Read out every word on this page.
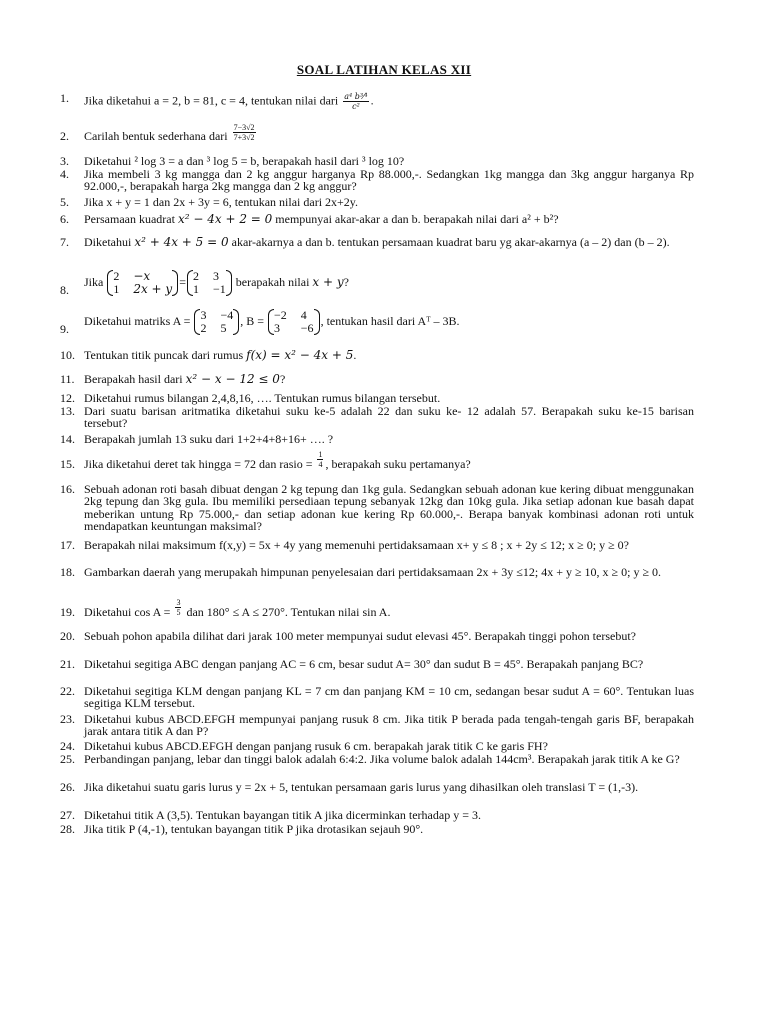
SOAL LATIHAN KELAS XII
1.	Jika diketahui a = 2, b = 81, c = 4, tentukan nilai dari $\frac{\text{a⁴ b³⁄⁴}}{\text{c²}}$ .
2.	Carilah bentuk sederhana dari $\frac{7-3√2}{7+3√2}$
3.	Diketahui ² log 3 = a dan ³ log 5 = b, berapakah hasil dari ³ log 10?
4.	Jika membeli 3 kg mangga dan 2 kg anggur harganya Rp 88.000,-. Sedangkan 1kg mangga dan 3kg anggur harganya Rp 92.000,-, berapakah harga 2kg mangga dan 2 kg anggur?
5.	Jika x + y = 1 dan 2x + 3y = 6, tentukan nilai dari 2x+2y.
6.	Persamaan kuadrat x² − 4x + 2 = 0 mempunyai akar-akar a dan b. berapakah nilai dari a² + b²?
7.	Diketahui x² + 4x + 5 = 0 akar-akarnya a dan b. tentukan persamaan kuadrat baru yg akar-akarnya (a – 2) dan (b – 2).
8.
Jika 2 −x
1 2x + y
= 2 3
1 −1
berapakah nilai x + y?
9.
Diketahui matriks A = 3 −4
2 5
, B = −2 4
3	−6
, tentukan hasil dari Aᵀ – 3B.
10. Tentukan titik puncak dari rumus f(x) = x² − 4x + 5.
11. Berapakah hasil dari x² − x − 12 ≤ 0?
12. Diketahui rumus bilangan 2,4,8,16, …. Tentukan rumus bilangan tersebut.
13. Dari suatu barisan aritmatika diketahui suku ke-5 adalah 22 dan suku ke- 12 adalah 57. Berapakah suku ke-15 barisan tersebut?
14. Berapakah jumlah 13 suku dari 1+2+4+8+16+ …. ?
15. Jika diketahui deret tak hingga = 72 dan rasio = $\frac{1}{4}$ , berapakah suku pertamanya?
16. Sebuah adonan roti basah dibuat dengan 2 kg tepung dan 1kg gula. Sedangkan sebuah adonan kue kering dibuat menggunakan 2kg tepung dan 3kg gula. Ibu memiliki persediaan tepung sebanyak 12kg dan 10kg gula. Jika setiap adonan kue basah dapat meberikan untung Rp 75.000,- dan setiap adonan kue kering Rp 60.000,-. Berapa banyak kombinasi adonan roti untuk mendapatkan keuntungan maksimal?
17. Berapakah nilai maksimum f(x,y) = 5x + 4y yang memenuhi pertidaksamaan x+ y ≤ 8 ; x + 2y ≤ 12; x ≥ 0; y ≥ 0?
18. Gambarkan daerah yang merupakah himpunan penyelesaian dari pertidaksamaan 2x + 3y ≤12; 4x + y ≥ 10, x ≥ 0; y ≥ 0.
19. Diketahui $\cos A = \frac{3}{5}$ dan 180° ≤ A ≤ 270°. Tentukan nilai sin A.
20. Sebuah pohon apabila dilihat dari jarak 100 meter mempunyai sudut elevasi 45°. Berapakah tinggi pohon tersebut?
21. Diketahui segitiga ABC dengan panjang AC = 6 cm, besar sudut A= 30° dan sudut B = 45°. Berapakah panjang BC?
22. Diketahui segitiga KLM dengan panjang KL = 7 cm dan panjang KM = 10 cm, sedangan besar sudut A = 60°. Tentukan luas segitiga KLM tersebut.
23. Diketahui kubus ABCD.EFGH mempunyai panjang rusuk 8 cm. Jika titik P berada pada tengah-tengah garis BF, berapakah jarak antara titik A dan P?
24. Diketahui kubus ABCD.EFGH dengan panjang rusuk 6 cm. berapakah jarak titik C ke garis FH?
25. Perbandingan panjang, lebar dan tinggi balok adalah 6:4:2. Jika volume balok adalah 144cm³. Berapakah jarak titik A ke G?
26. Jika diketahui suatu garis lurus y = 2x + 5, tentukan persamaan garis lurus yang dihasilkan oleh translasi T = (1,-3).
27. Diketahui titik A (3,5). Tentukan bayangan titik A jika dicerminkan terhadap y = 3.
28. Jika titik P (4,-1), tentukan bayangan titik P jika drotasikan sejauh 90°.
